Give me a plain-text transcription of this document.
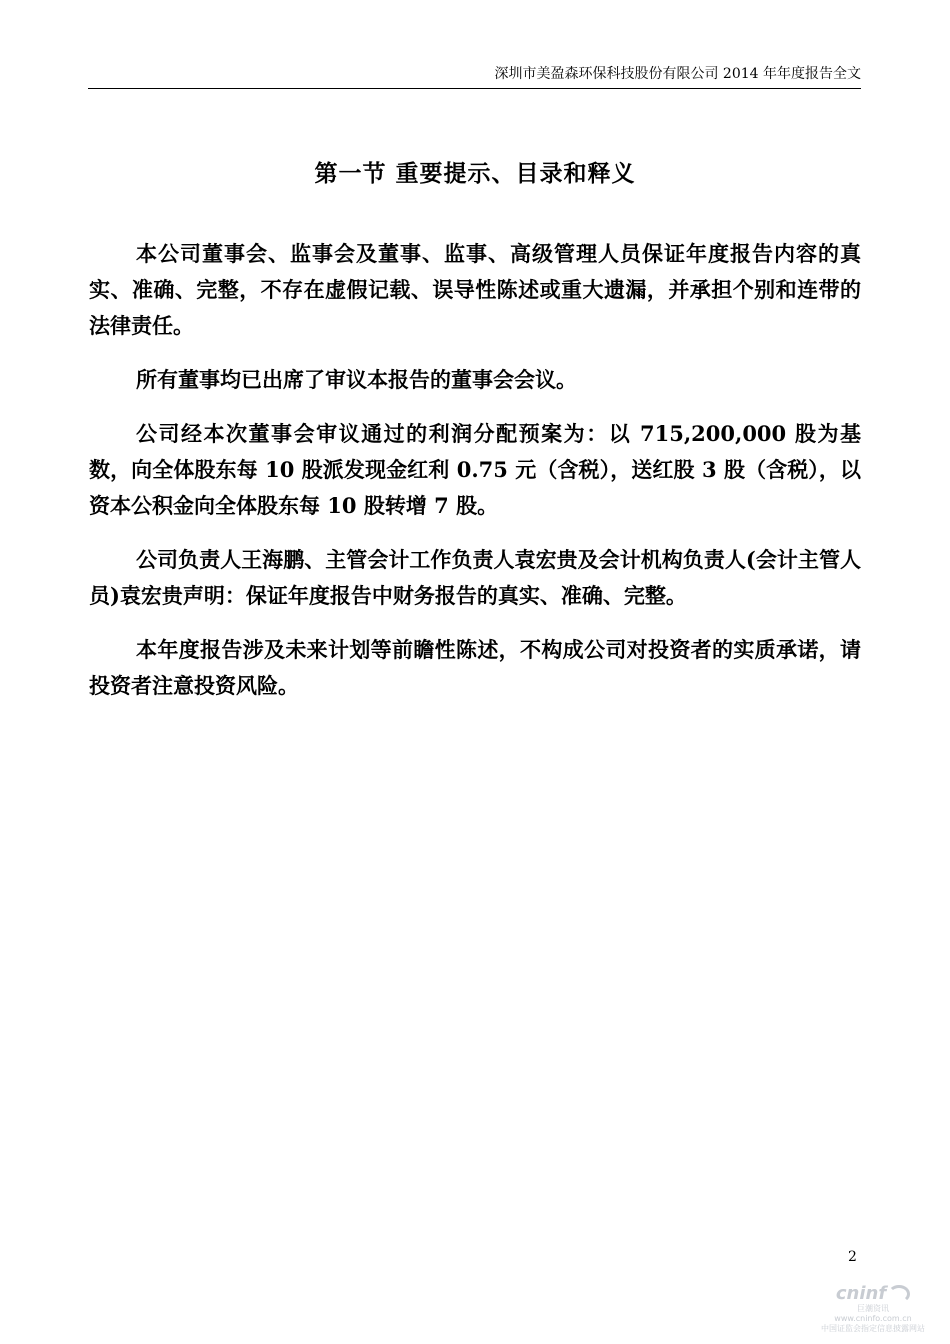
深圳市美盈森环保科技股份有限公司 2014 年年度报告全文
第一节 重要提示、目录和释义

本公司董事会、监事会及董事、监事、高级管理人员保证年度报告内容的真实、准确、完整，不存在虚假记载、误导性陈述或重大遗漏，并承担个别和连带的法律责任。

所有董事均已出席了审议本报告的董事会会议。

公司经本次董事会审议通过的利润分配预案为：以 715,200,000 股为基数，向全体股东每 10 股派发现金红利 0.75 元（含税），送红股 3 股（含税），以资本公积金向全体股东每 10 股转增 7 股。

公司负责人王海鹏、主管会计工作负责人袁宏贵及会计机构负责人(会计主管人员)袁宏贵声明：保证年度报告中财务报告的真实、准确、完整。

本年度报告涉及未来计划等前瞻性陈述，不构成公司对投资者的实质承诺，请投资者注意投资风险。

2
cninf
巨潮资讯
www.cninfo.com.cn
中国证监会指定信息披露网站
